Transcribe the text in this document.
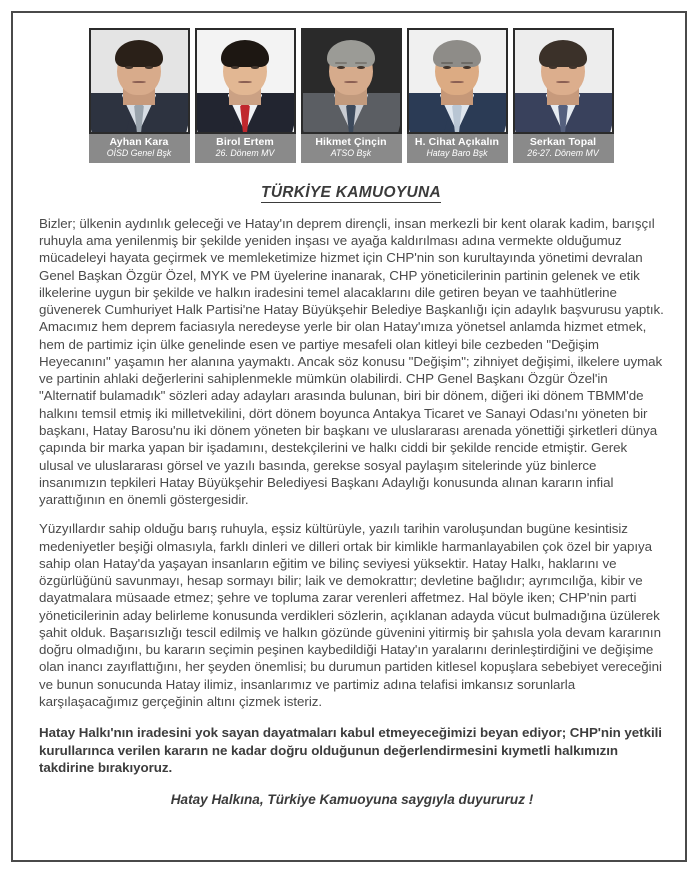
Ayhan Kara
OİSD Genel Bşk
Birol Ertem
26. Dönem MV
Hikmet Çinçin
ATSO Bşk
H. Cihat Açıkalın
Hatay Baro Bşk
Serkan Topal
26-27. Dönem MV
TÜRKİYE KAMUOYUNA

Bizler; ülkenin aydınlık geleceği ve Hatay'ın deprem dirençli, insan merkezli bir kent olarak kadim, barışçıl ruhuyla ama yenilenmiş bir şekilde yeniden inşası ve ayağa kaldırılması adına vermekte olduğumuz mücadeleyi hayata geçirmek ve memleketimize hizmet için CHP'nin son kurultayında yönetimi devralan Genel Başkan Özgür Özel, MYK ve PM üyelerine inanarak, CHP yöneticilerinin partinin gelenek ve etik ilkelerine uygun bir şekilde ve halkın iradesini temel alacaklarını dile getiren beyan ve taahhütlerine güvenerek Cumhuriyet Halk Partisi'ne Hatay Büyükşehir Belediye Başkanlığı için adaylık başvurusu yaptık. Amacımız hem deprem faciasıyla neredeyse yerle bir olan Hatay'ımıza yönetsel anlamda hizmet etmek, hem de partimiz için ülke genelinde esen ve partiye mesafeli olan kitleyi bile cezbeden "Değişim Heyecanını" yaşamın her alanına yaymaktı. Ancak söz konusu "Değişim"; zihniyet değişimi, ilkelere uymak ve partinin ahlaki değerlerini sahiplenmekle mümkün olabilirdi. CHP Genel Başkanı Özgür Özel'in "Alternatif bulamadık" sözleri aday adayları arasında bulunan, biri bir dönem, diğeri iki dönem TBMM'de halkını temsil etmiş iki milletvekilini, dört dönem boyunca Antakya Ticaret ve Sanayi Odası'nı yöneten bir başkanı, Hatay Barosu'nu iki dönem yöneten bir başkanı ve uluslararası arenada yönettiği şirketleri dünya çapında bir marka yapan bir işadamını, destekçilerini ve halkı ciddi bir şekilde rencide etmiştir. Gerek ulusal ve uluslararası görsel ve yazılı basında, gerekse sosyal paylaşım sitelerinde yüz binlerce insanımızın tepkileri Hatay Büyükşehir Belediyesi Başkanı Adaylığı konusunda alınan kararın infial yarattığının en önemli göstergesidir.

Yüzyıllardır sahip olduğu barış ruhuyla, eşsiz kültürüyle, yazılı tarihin varoluşundan bugüne kesintisiz medeniyetler beşiği olmasıyla, farklı dinleri ve dilleri ortak bir kimlikle harmanlayabilen çok özel bir yapıya sahip olan Hatay'da yaşayan insanların eğitim ve bilinç seviyesi yüksektir. Hatay Halkı, haklarını ve özgürlüğünü savunmayı, hesap sormayı bilir; laik ve demokrattır; devletine bağlıdır; ayrımcılığa, kibir ve dayatmalara müsaade etmez; şehre ve topluma zarar verenleri affetmez. Hal böyle iken; CHP'nin parti yöneticilerinin aday belirleme konusunda verdikleri sözlerin, açıklanan adayda vücut bulmadığına üzülerek şahit olduk. Başarısızlığı tescil edilmiş ve halkın gözünde güvenini yitirmiş bir şahısla yola devam kararının doğru olmadığını, bu kararın seçimin peşinen kaybedildiği Hatay'ın yaralarını derinleştirdiğini ve değişime olan inancı zayıflattığını, her şeyden önemlisi; bu durumun partiden kitlesel kopuşlara sebebiyet vereceğini ve bunun sonucunda Hatay ilimiz, insanlarımız ve partimiz adına telafisi imkansız sorunlarla karşılaşacağımız gerçeğinin altını çizmek isteriz.

Hatay Halkı'nın iradesini yok sayan dayatmaları kabul etmeyeceğimizi beyan ediyor; CHP'nin yetkili kurullarınca verilen kararın ne kadar doğru olduğunun değerlendirmesini kıymetli halkımızın takdirine bırakıyoruz.

Hatay Halkına, Türkiye Kamuoyuna saygıyla duyururuz !
